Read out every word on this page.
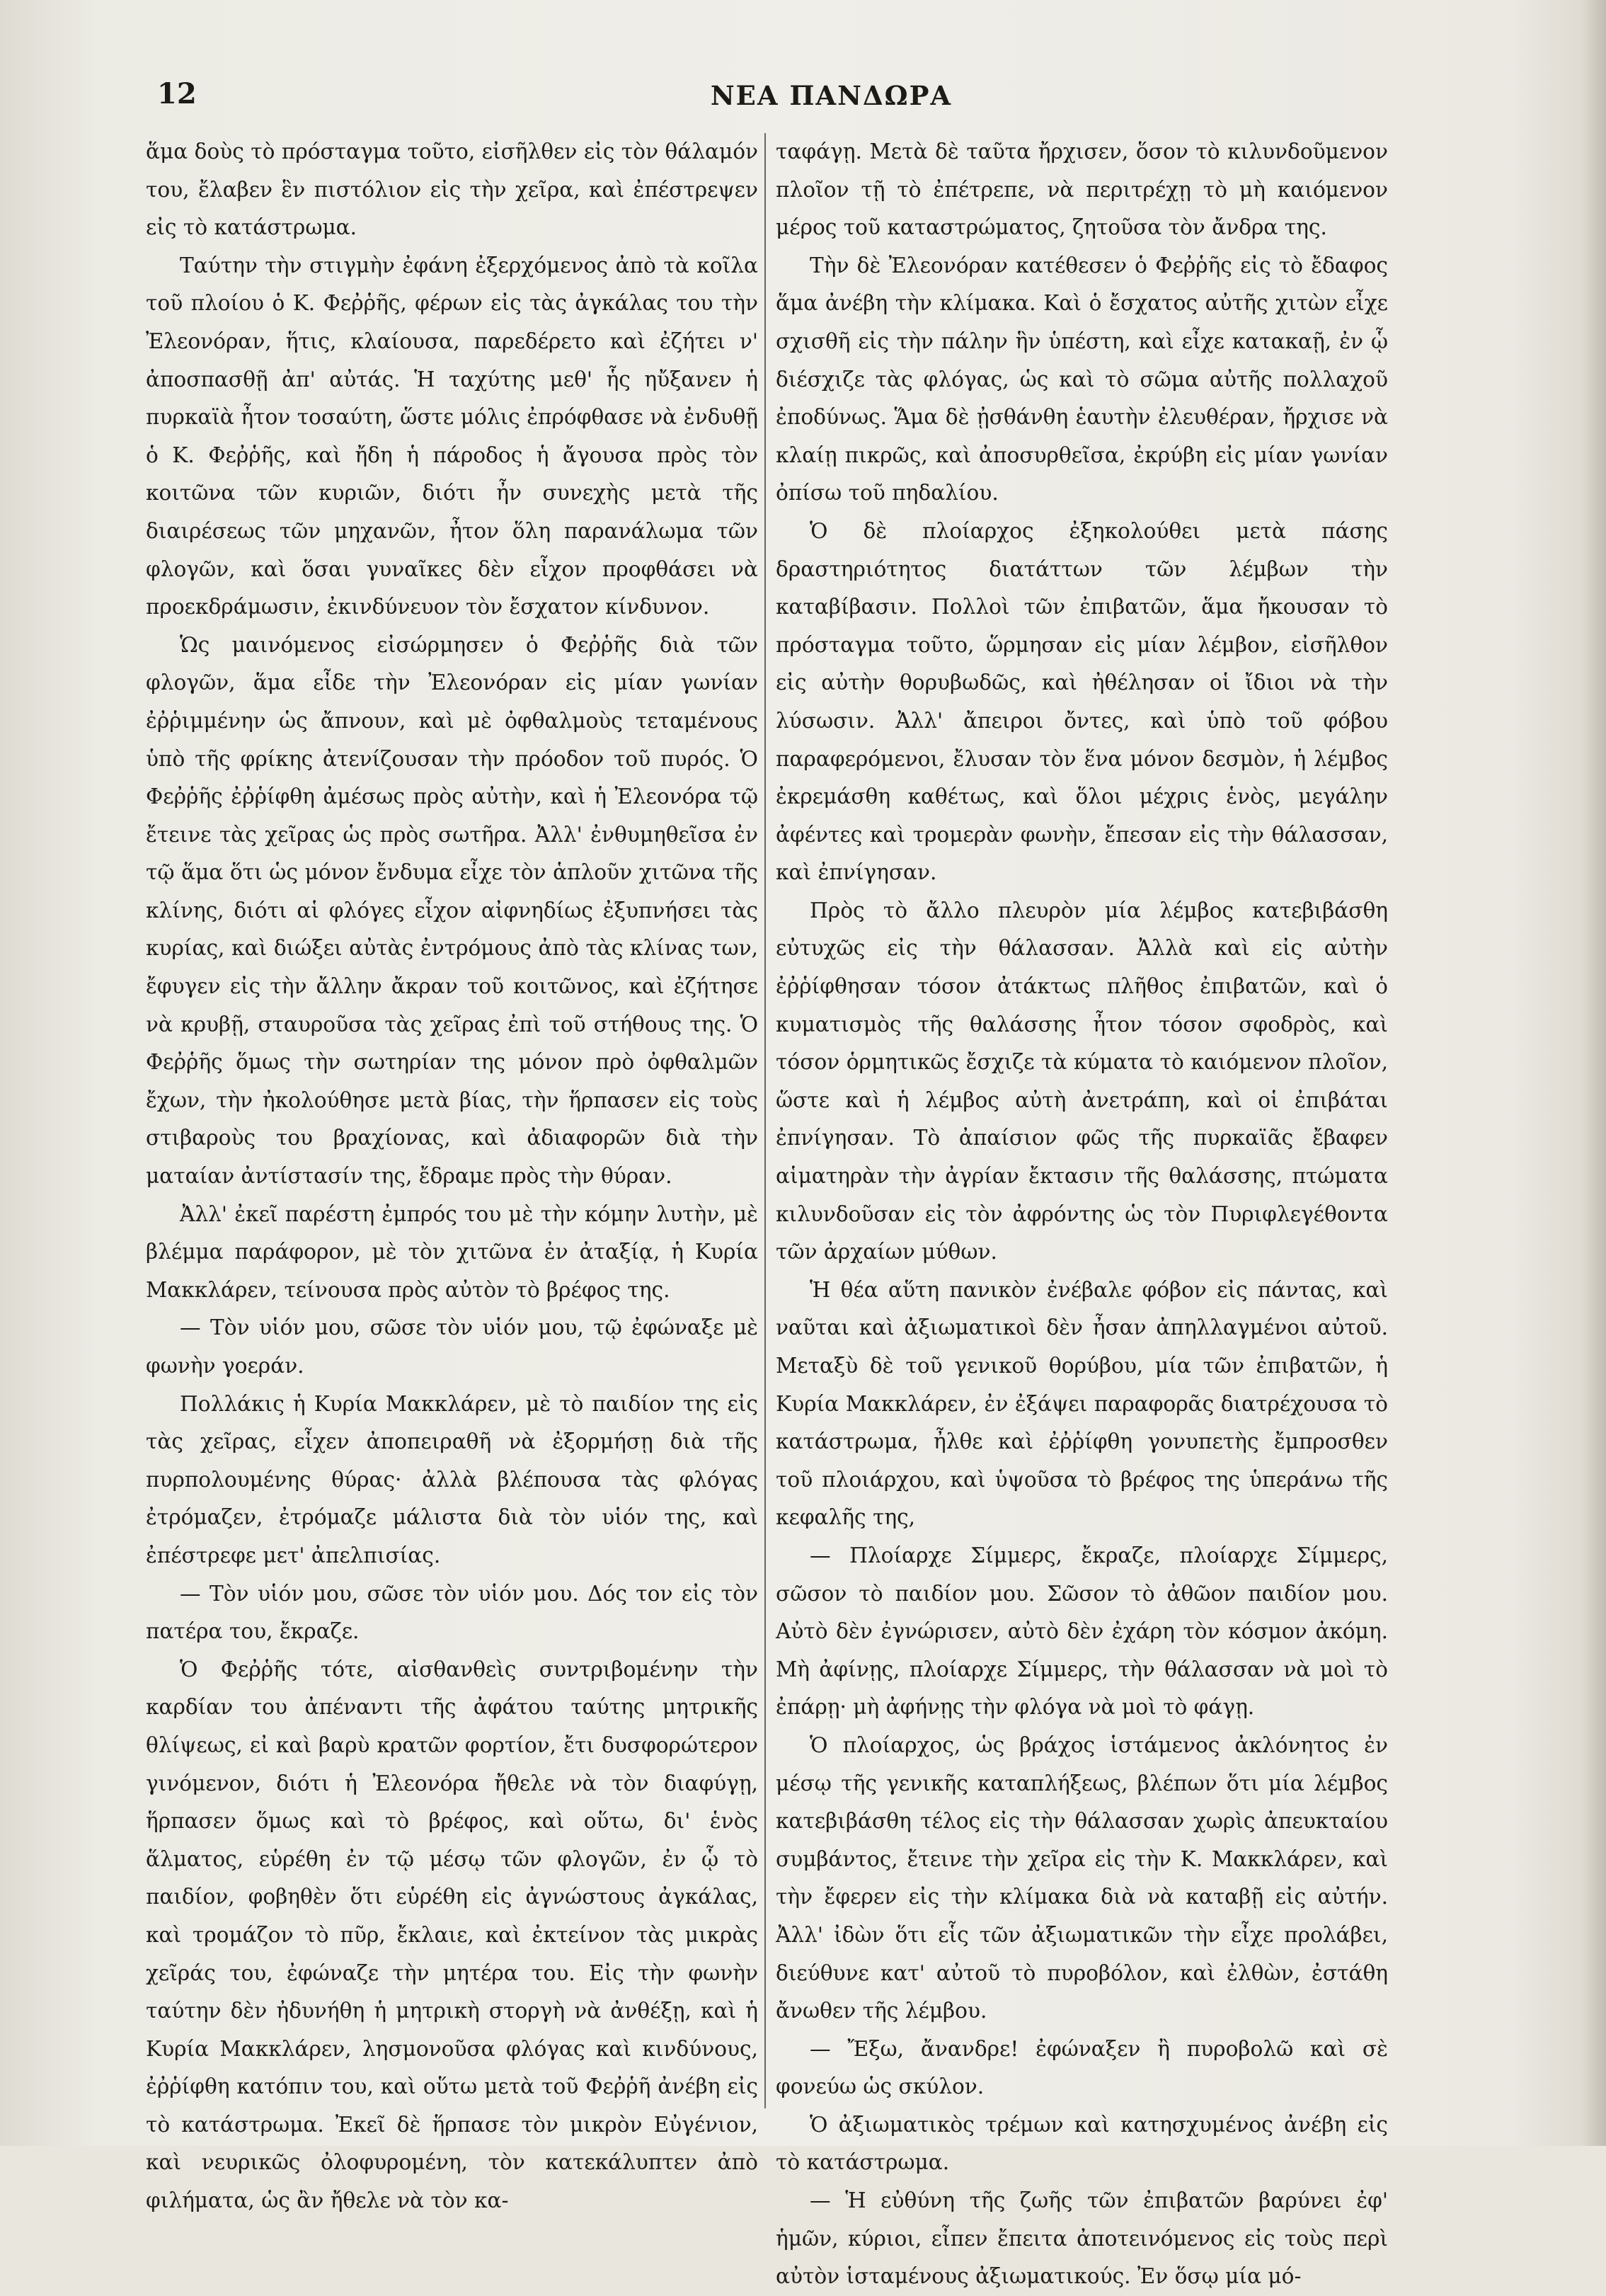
12	ΝΕΑ ΠΑΝΔΩΡΑ

ἅμα δοὺς τὸ πρόσταγμα τοῦτο, εἰσῆλθεν εἰς τὸν θάλαμόν του, ἔλαβεν ἓν πιστόλιον εἰς τὴν χεῖρα, καὶ ἐπέστρεψεν εἰς τὸ κατάστρωμα.

Ταύτην τὴν στιγμὴν ἐφάνη ἐξερχόμενος ἀπὸ τὰ κοῖλα τοῦ πλοίου ὁ Κ. Φεῤῥῆς, φέρων εἰς τὰς ἀγκάλας του τὴν Ἐλεονόραν, ἥτις, κλαίουσα, παρεδέρετο καὶ ἐζήτει ν' ἀποσπασθῇ ἀπ' αὐτάς. Ἡ ταχύτης μεθ' ἧς ηὔξανεν ἡ πυρκαϊὰ ἦτον τοσαύτη, ὥστε μόλις ἐπρόφθασε νὰ ἐνδυθῇ ὁ Κ. Φεῤῥῆς, καὶ ἤδη ἡ πάροδος ἡ ἄγουσα πρὸς τὸν κοιτῶνα τῶν κυριῶν, διότι ἦν συνεχὴς μετὰ τῆς διαιρέσεως τῶν μηχανῶν, ἦτον ὅλη παρανάλωμα τῶν φλογῶν, καὶ ὅσαι γυναῖκες δὲν εἶχον προφθάσει νὰ προεκδράμωσιν, ἐκινδύνευον τὸν ἔσχατον κίνδυνον.

Ὡς μαινόμενος εἰσώρμησεν ὁ Φεῤῥῆς διὰ τῶν φλογῶν, ἅμα εἶδε τὴν Ἐλεονόραν εἰς μίαν γωνίαν ἐῤῥιμμένην ὡς ἄπνουν, καὶ μὲ ὀφθαλμοὺς τεταμένους ὑπὸ τῆς φρίκης ἀτενίζουσαν τὴν πρόοδον τοῦ πυρός. Ὁ Φεῤῥῆς ἐῤῥίφθη ἀμέσως πρὸς αὐτὴν, καὶ ἡ Ἐλεονόρα τῷ ἔτεινε τὰς χεῖρας ὡς πρὸς σωτῆρα. Ἀλλ' ἐνθυμηθεῖσα ἐν τῷ ἅμα ὅτι ὡς μόνον ἔνδυμα εἶχε τὸν ἁπλοῦν χιτῶνα τῆς κλίνης, διότι αἱ φλόγες εἶχον αἰφνηδίως ἐξυπνήσει τὰς κυρίας, καὶ διώξει αὐτὰς ἐντρόμους ἀπὸ τὰς κλίνας των, ἔφυγεν εἰς τὴν ἄλλην ἄκραν τοῦ κοιτῶνος, καὶ ἐζήτησε νὰ κρυβῇ, σταυροῦσα τὰς χεῖρας ἐπὶ τοῦ στήθους της. Ὁ Φεῤῥῆς ὅμως τὴν σωτηρίαν της μόνον πρὸ ὀφθαλμῶν ἔχων, τὴν ἠκολούθησε μετὰ βίας, τὴν ἥρπασεν εἰς τοὺς στιβαροὺς του βραχίονας, καὶ ἀδιαφορῶν διὰ τὴν ματαίαν ἀντίστασίν της, ἔδραμε πρὸς τὴν θύραν.

Ἀλλ' ἐκεῖ παρέστη ἐμπρός του μὲ τὴν κόμην λυτὴν, μὲ βλέμμα παράφορον, μὲ τὸν χιτῶνα ἐν ἀταξίᾳ, ἡ Κυρία Μακκλάρεν, τείνουσα πρὸς αὐτὸν τὸ βρέφος της.

— Τὸν υἱόν μου, σῶσε τὸν υἱόν μου, τῷ ἐφώναξε μὲ φωνὴν γοεράν.

Πολλάκις ἡ Κυρία Μακκλάρεν, μὲ τὸ παιδίον της εἰς τὰς χεῖρας, εἶχεν ἀποπειραθῆ νὰ ἐξορμήσῃ διὰ τῆς πυρπολουμένης θύρας· ἀλλὰ βλέπουσα τὰς φλόγας ἐτρόμαζεν, ἐτρόμαζε μάλιστα διὰ τὸν υἱόν της, καὶ ἐπέστρεφε μετ' ἀπελπισίας.

— Τὸν υἱόν μου, σῶσε τὸν υἱόν μου. Δός τον εἰς τὸν πατέρα του, ἔκραζε.

Ὁ Φεῤῥῆς τότε, αἰσθανθεὶς συντριβομένην τὴν καρδίαν του ἀπέναντι τῆς ἀφάτου ταύτης μητρικῆς θλίψεως, εἰ καὶ βαρὺ κρατῶν φορτίον, ἔτι δυσφορώτερον γινόμενον, διότι ἡ Ἐλεονόρα ἤθελε νὰ τὸν διαφύγῃ, ἥρπασεν ὅμως καὶ τὸ βρέφος, καὶ οὕτω, δι' ἑνὸς ἅλματος, εὑρέθη ἐν τῷ μέσῳ τῶν φλογῶν, ἐν ᾧ τὸ παιδίον, φοβηθὲν ὅτι εὑρέθη εἰς ἀγνώστους ἀγκάλας, καὶ τρομάζον τὸ πῦρ, ἔκλαιε, καὶ ἐκτείνον τὰς μικρὰς χεῖράς του, ἐφώναζε τὴν μητέρα του. Εἰς τὴν φωνὴν ταύτην δὲν ἠδυνήθη ἡ μητρικὴ στοργὴ νὰ ἀνθέξῃ, καὶ ἡ Κυρία Μακκλάρεν, λησμονοῦσα φλόγας καὶ κινδύνους, ἐῤῥίφθη κατόπιν του, καὶ οὕτω μετὰ τοῦ Φεῤῥῆ ἀνέβη εἰς τὸ κατάστρωμα. Ἐκεῖ δὲ ἥρπασε τὸν μικρὸν Εὐγένιον, καὶ νευρικῶς ὀλοφυρομένη, τὸν κατεκάλυπτεν ἀπὸ φιλήματα, ὡς ἂν ἤθελε νὰ τὸν κα-

ταφάγῃ. Μετὰ δὲ ταῦτα ἤρχισεν, ὅσον τὸ κιλυνδοῦμενον πλοῖον τῇ τὸ ἐπέτρεπε, νὰ περιτρέχῃ τὸ μὴ καιόμενον μέρος τοῦ καταστρώματος, ζητοῦσα τὸν ἄνδρα της.

Τὴν δὲ Ἐλεονόραν κατέθεσεν ὁ Φεῤῥῆς εἰς τὸ ἔδαφος ἅμα ἀνέβη τὴν κλίμακα. Καὶ ὁ ἔσχατος αὐτῆς χιτὼν εἶχε σχισθῆ εἰς τὴν πάλην ἣν ὑπέστη, καὶ εἶχε κατακαῇ, ἐν ᾧ διέσχιζε τὰς φλόγας, ὡς καὶ τὸ σῶμα αὐτῆς πολλαχοῦ ἐποδύνως. Ἅμα δὲ ᾐσθάνθη ἑαυτὴν ἐλευθέραν, ἤρχισε νὰ κλαίῃ πικρῶς, καὶ ἀποσυρθεῖσα, ἐκρύβη εἰς μίαν γωνίαν ὀπίσω τοῦ πηδαλίου.

Ὁ δὲ πλοίαρχος ἐξηκολούθει μετὰ πάσης δραστηριότητος διατάττων τῶν λέμβων τὴν καταβίβασιν. Πολλοὶ τῶν ἐπιβατῶν, ἅμα ἤκουσαν τὸ πρόσταγμα τοῦτο, ὥρμησαν εἰς μίαν λέμβον, εἰσῆλθον εἰς αὐτὴν θορυβωδῶς, καὶ ἠθέλησαν οἱ ἴδιοι νὰ τὴν λύσωσιν. Ἀλλ' ἄπειροι ὄντες, καὶ ὑπὸ τοῦ φόβου παραφερόμενοι, ἔλυσαν τὸν ἕνα μόνον δεσμὸν, ἡ λέμβος ἐκρεμάσθη καθέτως, καὶ ὅλοι μέχρις ἑνὸς, μεγάλην ἀφέντες καὶ τρομερὰν φωνὴν, ἔπεσαν εἰς τὴν θάλασσαν, καὶ ἐπνίγησαν.

Πρὸς τὸ ἄλλο πλευρὸν μία λέμβος κατεβιβάσθη εὐτυχῶς εἰς τὴν θάλασσαν. Ἀλλὰ καὶ εἰς αὐτὴν ἐῤῥίφθησαν τόσον ἀτάκτως πλῆθος ἐπιβατῶν, καὶ ὁ κυματισμὸς τῆς θαλάσσης ἦτον τόσον σφοδρὸς, καὶ τόσον ὁρμητικῶς ἔσχιζε τὰ κύματα τὸ καιόμενον πλοῖον, ὥστε καὶ ἡ λέμβος αὐτὴ ἀνετράπη, καὶ οἱ ἐπιβάται ἐπνίγησαν. Τὸ ἀπαίσιον φῶς τῆς πυρκαϊᾶς ἔβαφεν αἱματηρὰν τὴν ἀγρίαν ἔκτασιν τῆς θαλάσσης, πτώματα κιλυνδοῦσαν εἰς τὸν ἀφρόντης ὡς τὸν Πυριφλεγέθοντα τῶν ἀρχαίων μύθων.

Ἡ θέα αὕτη πανικὸν ἐνέβαλε φόβον εἰς πάντας, καὶ ναῦται καὶ ἀξιωματικοὶ δὲν ἦσαν ἀπηλλαγμένοι αὐτοῦ. Μεταξὺ δὲ τοῦ γενικοῦ θορύβου, μία τῶν ἐπιβατῶν, ἡ Κυρία Μακκλάρεν, ἐν ἐξάψει παραφορᾶς διατρέχουσα τὸ κατάστρωμα, ἦλθε καὶ ἐῤῥίφθη γονυπετὴς ἔμπροσθεν τοῦ πλοιάρχου, καὶ ὑψοῦσα τὸ βρέφος της ὑπεράνω τῆς κεφαλῆς της,

— Πλοίαρχε Σίμμερς, ἔκραζε, πλοίαρχε Σίμμερς, σῶσον τὸ παιδίον μου. Σῶσον τὸ ἀθῶον παιδίον μου. Αὐτὸ δὲν ἐγνώρισεν, αὐτὸ δὲν ἐχάρη τὸν κόσμον ἀκόμη. Μὴ ἀφίνῃς, πλοίαρχε Σίμμερς, τὴν θάλασσαν νὰ μοὶ τὸ ἐπάρῃ· μὴ ἀφήνῃς τὴν φλόγα νὰ μοὶ τὸ φάγῃ.

Ὁ πλοίαρχος, ὡς βράχος ἱστάμενος ἀκλόνητος ἐν μέσῳ τῆς γενικῆς καταπλήξεως, βλέπων ὅτι μία λέμβος κατεβιβάσθη τέλος εἰς τὴν θάλασσαν χωρὶς ἀπευκταίου συμβάντος, ἔτεινε τὴν χεῖρα εἰς τὴν Κ. Μακκλάρεν, καὶ τὴν ἔφερεν εἰς τὴν κλίμακα διὰ νὰ καταβῇ εἰς αὐτήν. Ἀλλ' ἰδὼν ὅτι εἷς τῶν ἀξιωματικῶν τὴν εἶχε προλάβει, διεύθυνε κατ' αὐτοῦ τὸ πυροβόλον, καὶ ἐλθὼν, ἐστάθη ἄνωθεν τῆς λέμβου.

— Ἔξω, ἄνανδρε! ἐφώναξεν ἢ πυροβολῶ καὶ σὲ φονεύω ὡς σκύλον.

Ὁ ἀξιωματικὸς τρέμων καὶ κατησχυμένος ἀνέβη εἰς τὸ κατάστρωμα.

— Ἡ εὐθύνη τῆς ζωῆς τῶν ἐπιβατῶν βαρύνει ἐφ' ἡμῶν, κύριοι, εἶπεν ἔπειτα ἀποτεινόμενος εἰς τοὺς περὶ αὐτὸν ἱσταμένους ἀξιωματικούς. Ἐν ὅσῳ μία μό-
